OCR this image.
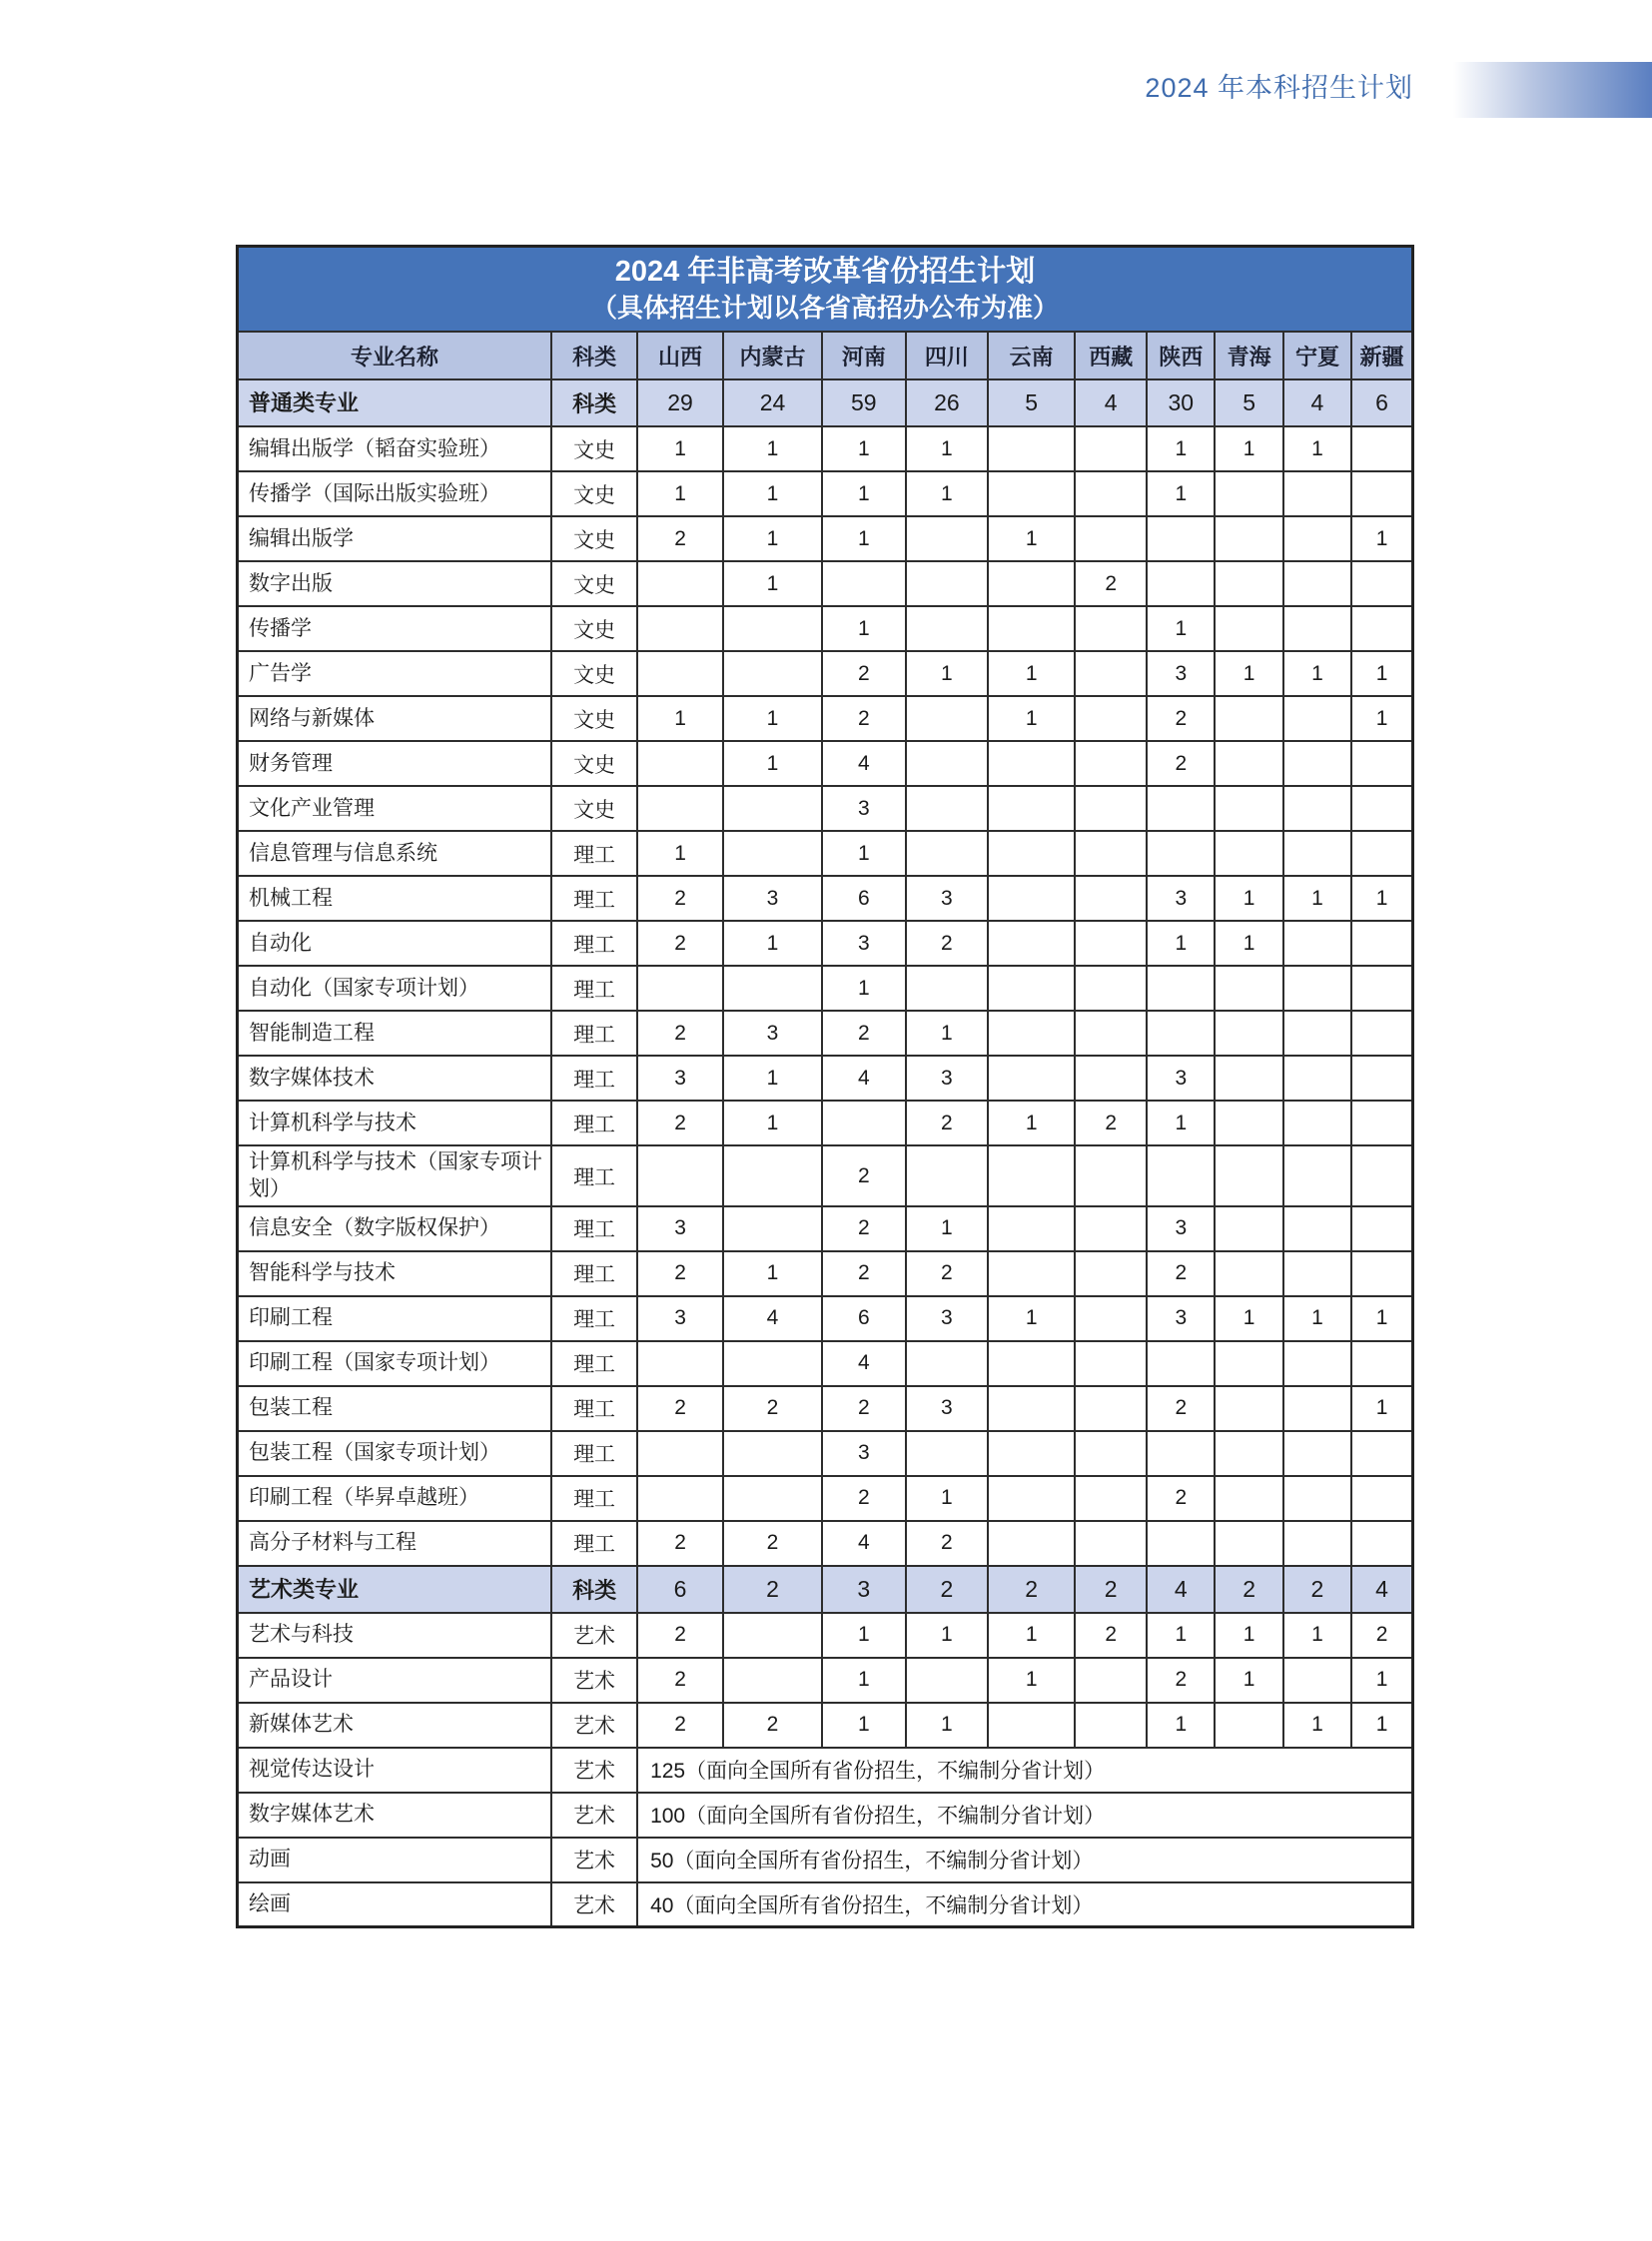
2024 年本科招生计划
2024 年非高考改革省份招生计划
（具体招生计划以各省高招办公布为准）											

专业名称	科类	山西	内蒙古	河南	四川	云南	西藏	陕西	青海	宁夏	新疆
普通类专业	科类	29	24	59	26	5	4	30	5	4	6
编辑出版学（韬奋实验班）	文史	1	1	1	1			1	1	1	
传播学（国际出版实验班）	文史	1	1	1	1			1			
编辑出版学	文史	2	1	1		1					1
数字出版	文史		1				2				
传播学	文史			1				1			
广告学	文史			2	1	1		3	1	1	1
网络与新媒体	文史	1	1	2		1		2			1
财务管理	文史		1	4				2			
文化产业管理	文史			3							
信息管理与信息系统	理工	1		1							
机械工程	理工	2	3	6	3			3	1	1	1
自动化	理工	2	1	3	2			1	1		
自动化（国家专项计划）	理工			1							
智能制造工程	理工	2	3	2	1						
数字媒体技术	理工	3	1	4	3			3			
计算机科学与技术	理工	2	1		2	1	2	1			
计算机科学与技术（国家专项计划）	理工			2							
信息安全（数字版权保护）	理工	3		2	1			3			
智能科学与技术	理工	2	1	2	2			2			
印刷工程	理工	3	4	6	3	1		3	1	1	1
印刷工程（国家专项计划）	理工			4							
包装工程	理工	2	2	2	3			2			1
包装工程（国家专项计划）	理工			3							
印刷工程（毕昇卓越班）	理工			2	1			2			
高分子材料与工程	理工	2	2	4	2						
艺术类专业	科类	6	2	3	2	2	2	4	2	2	4
艺术与科技	艺术	2		1	1	1	2	1	1	1	2
产品设计	艺术	2		1		1		2	1		1
新媒体艺术	艺术	2	2	1	1			1		1	1
视觉传达设计	艺术	125（面向全国所有省份招生，不编制分省计划）									
数字媒体艺术	艺术	100（面向全国所有省份招生，不编制分省计划）									
动画	艺术	50（面向全国所有省份招生，不编制分省计划）									
绘画	艺术	40（面向全国所有省份招生，不编制分省计划）									
